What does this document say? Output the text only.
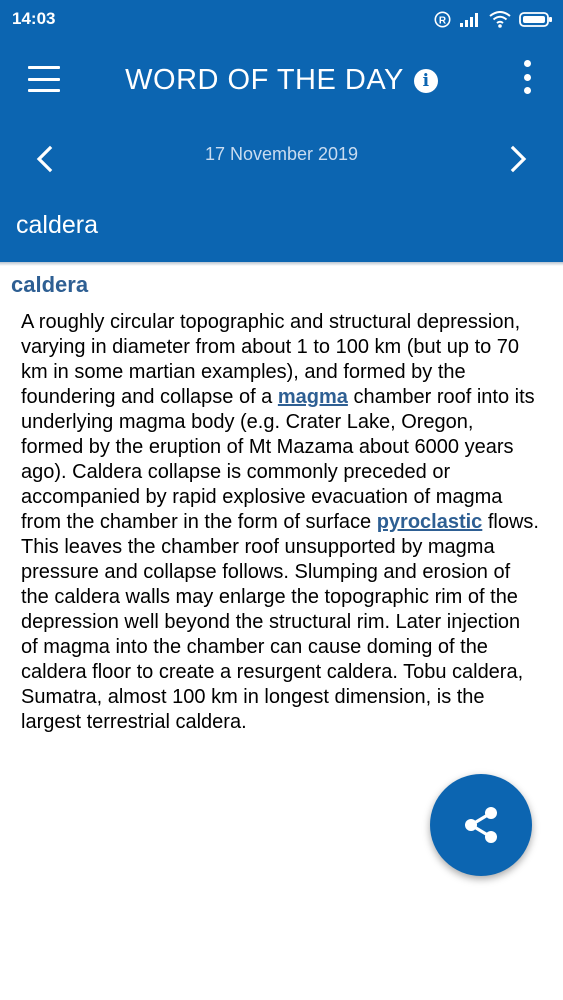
14:03	R
WORD OF THE DAY	i
17 November 2019
caldera
caldera
A roughly circular topographic and structural depression, varying in diameter from about 1 to 100 km (but up to 70 km in some martian examples), and formed by the foundering and collapse of a magma chamber roof into its underlying magma body (e.g. Crater Lake, Oregon, formed by the eruption of Mt Mazama about 6000 years ago). Caldera collapse is commonly preceded or accompanied by rapid explosive evacuation of magma from the chamber in the form of surface pyroclastic flows. This leaves the chamber roof unsupported by magma pressure and collapse follows. Slumping and erosion of the caldera walls may enlarge the topographic rim of the depression well beyond the structural rim. Later injection of magma into the chamber can cause doming of the caldera floor to create a resurgent caldera. Tobu caldera, Sumatra, almost 100 km in longest dimension, is the largest terrestrial caldera.
